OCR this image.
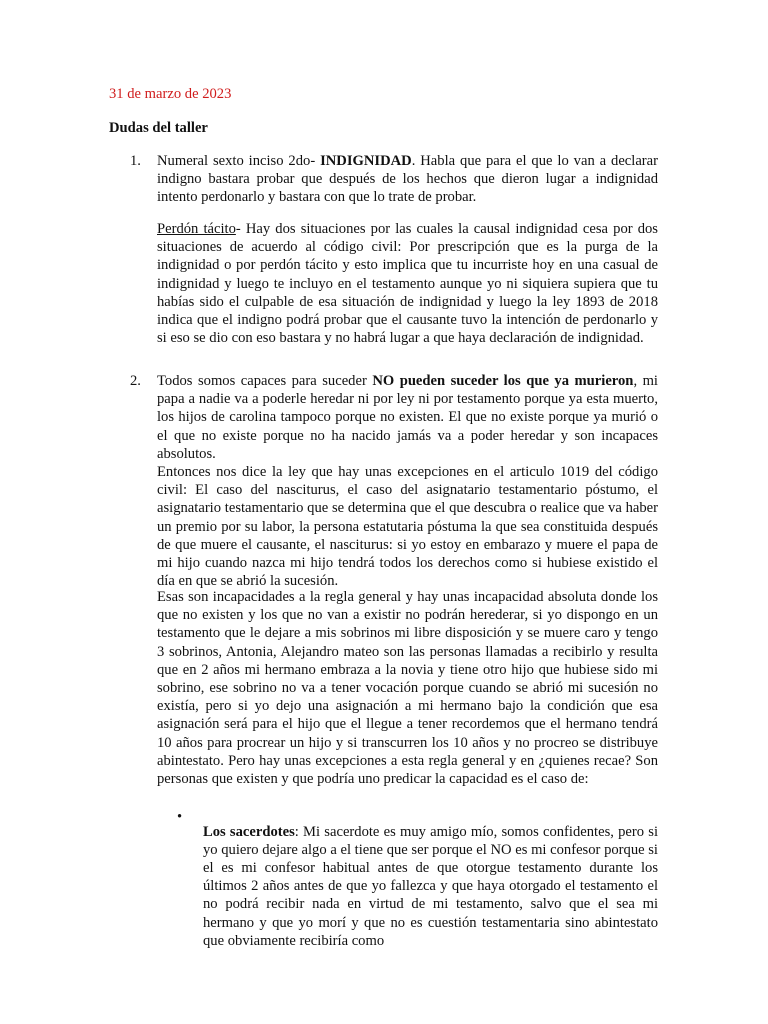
31 de marzo de 2023
Dudas del taller
1. Numeral sexto inciso 2do- INDIGNIDAD. Habla que para el que lo van a declarar indigno bastara probar que después de los hechos que dieron lugar a indignidad intento perdonarlo y bastara con que lo trate de probar.

Perdón tácito- Hay dos situaciones por las cuales la causal indignidad cesa por dos situaciones de acuerdo al código civil: Por prescripción que es la purga de la indignidad o por perdón tácito y esto implica que tu incurriste hoy en una casual de indignidad y luego te incluyo en el testamento aunque yo ni siquiera supiera que tu habías sido el culpable de esa situación de indignidad y luego la ley 1893 de 2018 indica que el indigno podrá probar que el causante tuvo la intención de perdonarlo y si eso se dio con eso bastara y no habrá lugar a que haya declaración de indignidad.

2. Todos somos capaces para suceder NO pueden suceder los que ya murieron, mi papa a nadie va a poderle heredar ni por ley ni por testamento porque ya esta muerto, los hijos de carolina tampoco porque no existen. El que no existe porque ya murió o el que no existe porque no ha nacido jamás va a poder heredar y son incapaces absolutos.

Entonces nos dice la ley que hay unas excepciones en el articulo 1019 del código civil: El caso del nasciturus, el caso del asignatario testamentario póstumo, el asignatario testamentario que se determina que el que descubra o realice que va haber un premio por su labor, la persona estatutaria póstuma la que sea constituida después de que muere el causante, el nasciturus: si yo estoy en embarazo y muere el papa de mi hijo cuando nazca mi hijo tendrá todos los derechos como si hubiese existido el día en que se abrió la sucesión.

Esas son incapacidades a la regla general y hay unas incapacidad absoluta donde los que no existen y los que no van a existir no podrán herederar, si yo dispongo en un testamento que le dejare a mis sobrinos mi libre disposición y se muere caro y tengo 3 sobrinos, Antonia, Alejandro mateo son las personas llamadas a recibirlo y resulta que en 2 años mi hermano embraza a la novia y tiene otro hijo que hubiese sido mi sobrino, ese sobrino no va a tener vocación porque cuando se abrió mi sucesión no existía, pero si yo dejo una asignación a mi hermano bajo la condición que esa asignación será para el hijo que el llegue a tener recordemos que el hermano tendrá 10 años para procrear un hijo y si transcurren los 10 años y no procreo se distribuye abintestato. Pero hay unas excepciones a esta regla general y en ¿quienes recae? Son personas que existen y que podría uno predicar la capacidad es el caso de:

•

Los sacerdotes: Mi sacerdote es muy amigo mío, somos confidentes, pero si yo quiero dejare algo a el tiene que ser porque el NO es mi confesor porque si el es mi confesor habitual antes de que otorgue testamento durante los últimos 2 años antes de que yo fallezca y que haya otorgado el testamento el no podrá recibir nada en virtud de mi testamento, salvo que el sea mi hermano y que yo morí y que no es cuestión testamentaria sino abintestato que obviamente recibiría como
